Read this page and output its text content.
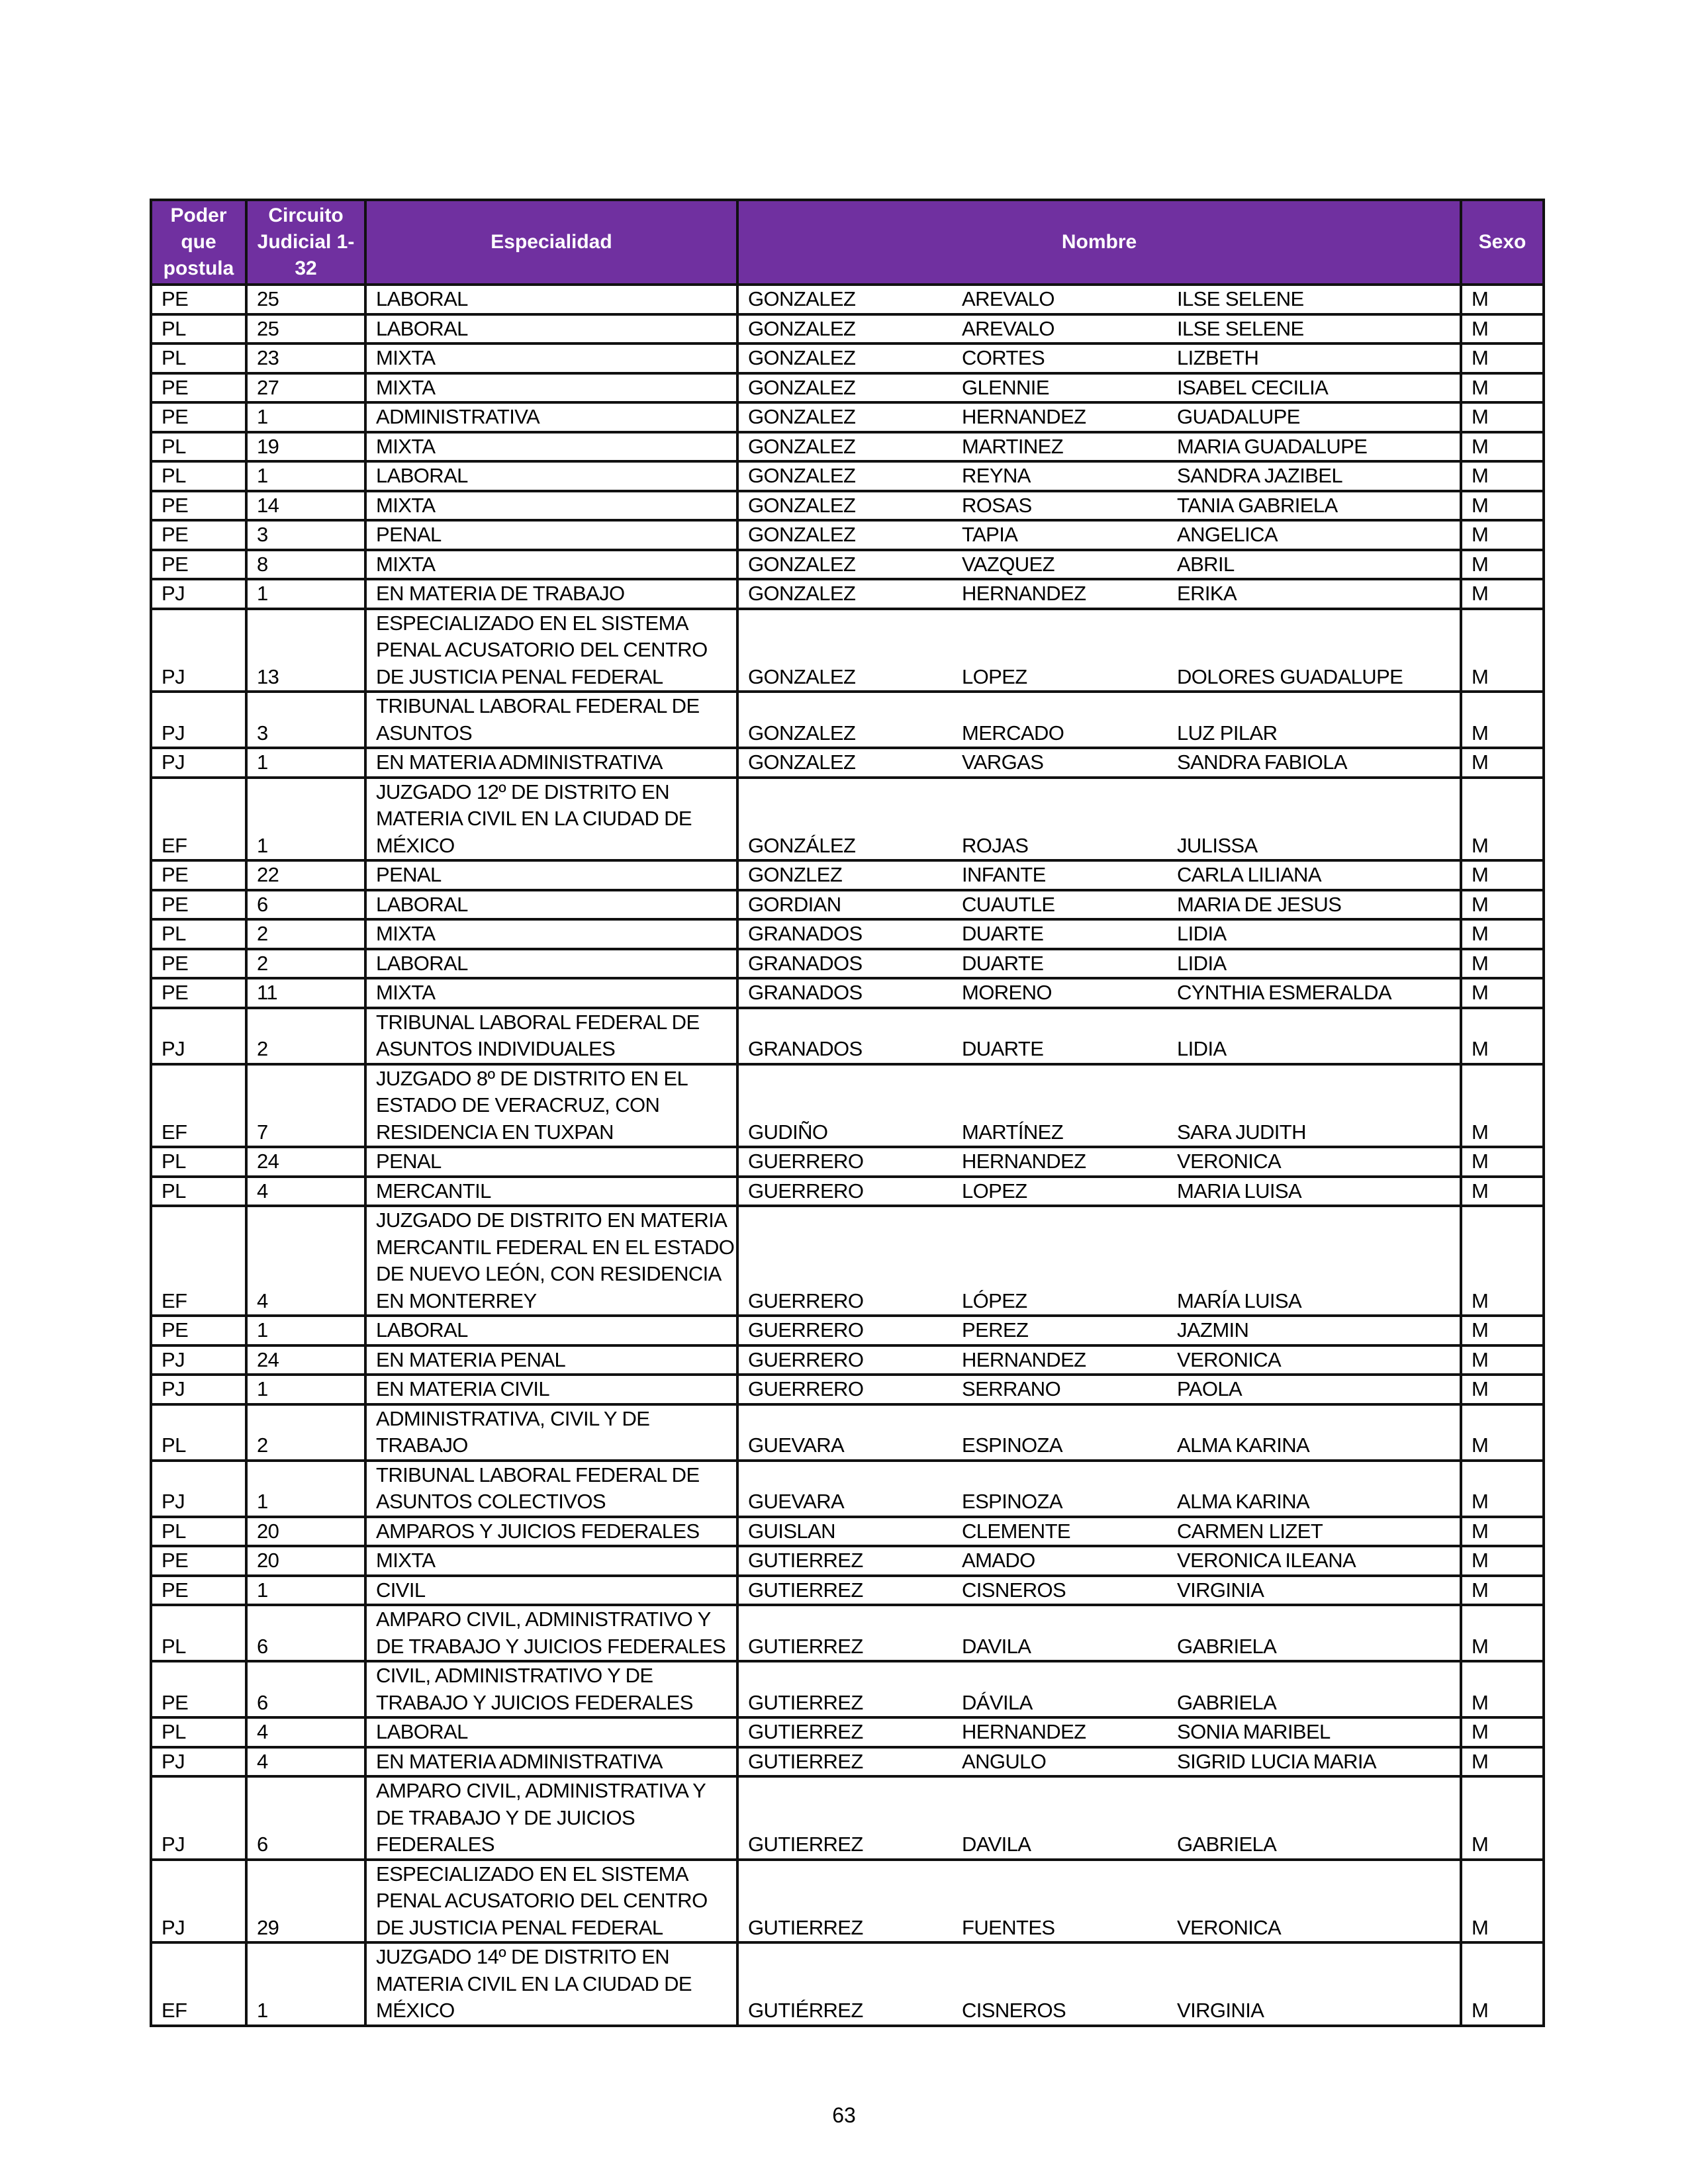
Poder que postula	Circuito Judicial 1-32	Especialidad	Nombre			Sexo
PE	25	LABORAL	GONZALEZ	AREVALO	ILSE SELENE	M
PL	25	LABORAL	GONZALEZ	AREVALO	ILSE SELENE	M
PL	23	MIXTA	GONZALEZ	CORTES	LIZBETH	M
PE	27	MIXTA	GONZALEZ	GLENNIE	ISABEL CECILIA	M
PE	1	ADMINISTRATIVA	GONZALEZ	HERNANDEZ	GUADALUPE	M
PL	19	MIXTA	GONZALEZ	MARTINEZ	MARIA GUADALUPE	M
PL	1	LABORAL	GONZALEZ	REYNA	SANDRA JAZIBEL	M
PE	14	MIXTA	GONZALEZ	ROSAS	TANIA GABRIELA	M
PE	3	PENAL	GONZALEZ	TAPIA	ANGELICA	M
PE	8	MIXTA	GONZALEZ	VAZQUEZ	ABRIL	M
PJ	1	EN MATERIA DE TRABAJO	GONZALEZ	HERNANDEZ	ERIKA	M
PJ	13	ESPECIALIZADO EN EL SISTEMA PENAL ACUSATORIO DEL CENTRO DE JUSTICIA PENAL FEDERAL	GONZALEZ	LOPEZ	DOLORES GUADALUPE	M
PJ	3	TRIBUNAL LABORAL FEDERAL DE ASUNTOS	GONZALEZ	MERCADO	LUZ PILAR	M
PJ	1	EN MATERIA ADMINISTRATIVA	GONZALEZ	VARGAS	SANDRA FABIOLA	M
EF	1	JUZGADO 12º DE DISTRITO EN MATERIA CIVIL EN LA CIUDAD DE MÉXICO	GONZÁLEZ	ROJAS	JULISSA	M
PE	22	PENAL	GONZLEZ	INFANTE	CARLA LILIANA	M
PE	6	LABORAL	GORDIAN	CUAUTLE	MARIA DE JESUS	M
PL	2	MIXTA	GRANADOS	DUARTE	LIDIA	M
PE	2	LABORAL	GRANADOS	DUARTE	LIDIA	M
PE	11	MIXTA	GRANADOS	MORENO	CYNTHIA ESMERALDA	M
PJ	2	TRIBUNAL LABORAL FEDERAL DE ASUNTOS INDIVIDUALES	GRANADOS	DUARTE	LIDIA	M
EF	7	JUZGADO 8º DE DISTRITO EN EL ESTADO DE VERACRUZ, CON RESIDENCIA EN TUXPAN	GUDIÑO	MARTÍNEZ	SARA JUDITH	M
PL	24	PENAL	GUERRERO	HERNANDEZ	VERONICA	M
PL	4	MERCANTIL	GUERRERO	LOPEZ	MARIA LUISA	M
EF	4	JUZGADO DE DISTRITO EN MATERIA MERCANTIL FEDERAL EN EL ESTADO DE NUEVO LEÓN, CON RESIDENCIA EN MONTERREY	GUERRERO	LÓPEZ	MARÍA LUISA	M
PE	1	LABORAL	GUERRERO	PEREZ	JAZMIN	M
PJ	24	EN MATERIA PENAL	GUERRERO	HERNANDEZ	VERONICA	M
PJ	1	EN MATERIA CIVIL	GUERRERO	SERRANO	PAOLA	M
PL	2	ADMINISTRATIVA, CIVIL Y DE TRABAJO	GUEVARA	ESPINOZA	ALMA KARINA	M
PJ	1	TRIBUNAL LABORAL FEDERAL DE ASUNTOS COLECTIVOS	GUEVARA	ESPINOZA	ALMA KARINA	M
PL	20	AMPAROS Y JUICIOS FEDERALES	GUISLAN	CLEMENTE	CARMEN LIZET	M
PE	20	MIXTA	GUTIERREZ	AMADO	VERONICA ILEANA	M
PE	1	CIVIL	GUTIERREZ	CISNEROS	VIRGINIA	M
PL	6	AMPARO CIVIL, ADMINISTRATIVO Y DE TRABAJO Y JUICIOS FEDERALES	GUTIERREZ	DAVILA	GABRIELA	M
PE	6	CIVIL, ADMINISTRATIVO Y DE TRABAJO Y JUICIOS FEDERALES	GUTIERREZ	DÁVILA	GABRIELA	M
PL	4	LABORAL	GUTIERREZ	HERNANDEZ	SONIA MARIBEL	M
PJ	4	EN MATERIA ADMINISTRATIVA	GUTIERREZ	ANGULO	SIGRID LUCIA MARIA	M
PJ	6	AMPARO CIVIL, ADMINISTRATIVA Y DE TRABAJO Y DE JUICIOS FEDERALES	GUTIERREZ	DAVILA	GABRIELA	M
PJ	29	ESPECIALIZADO EN EL SISTEMA PENAL ACUSATORIO DEL CENTRO DE JUSTICIA PENAL FEDERAL	GUTIERREZ	FUENTES	VERONICA	M
EF	1	JUZGADO 14º DE DISTRITO EN MATERIA CIVIL EN LA CIUDAD DE MÉXICO	GUTIÉRREZ	CISNEROS	VIRGINIA	M
63
